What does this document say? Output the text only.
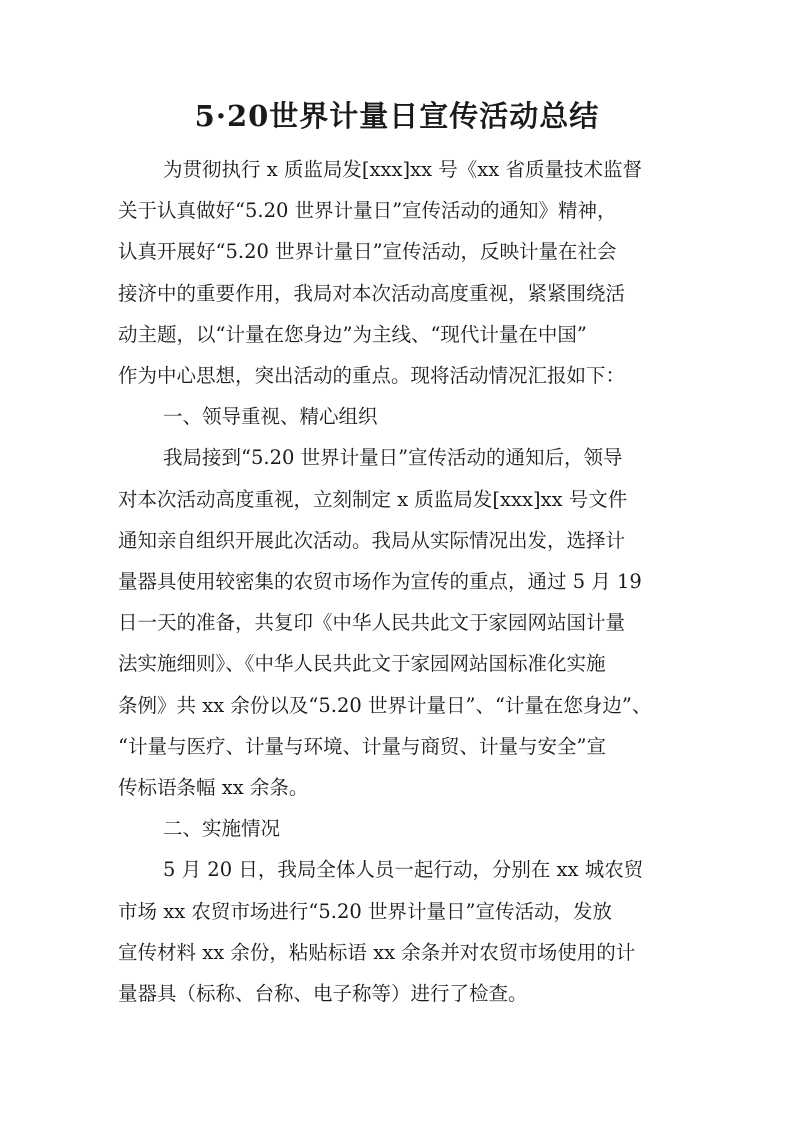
5·20世界计量日宣传活动总结
为贯彻执行 x 质监局发[xxx]xx 号《xx 省质量技术监督
关于认真做好“5.20 世界计量日”宣传活动的通知》精神，
认真开展好“5.20 世界计量日”宣传活动，反映计量在社会
接济中的重要作用，我局对本次活动高度重视，紧紧围绕活
动主题，以“计量在您身边”为主线、“现代计量在中国”
作为中心思想，突出活动的重点。现将活动情况汇报如下：
一、领导重视、精心组织
我局接到“5.20 世界计量日”宣传活动的通知后，领导
对本次活动高度重视，立刻制定 x 质监局发[xxx]xx 号文件
通知亲自组织开展此次活动。我局从实际情况出发，选择计
量器具使用较密集的农贸市场作为宣传的重点，通过 5 月 19
日一天的准备，共复印《中华人民共此文于家园网站国计量
法实施细则》、《中华人民共此文于家园网站国标准化实施
条例》共 xx 余份以及“5.20 世界计量日”、“计量在您身边”、
“计量与医疗、计量与环境、计量与商贸、计量与安全”宣
传标语条幅 xx 余条。
二、实施情况
5 月 20 日，我局全体人员一起行动，分别在 xx 城农贸
市场 xx 农贸市场进行“5.20 世界计量日”宣传活动，发放
宣传材料 xx 余份，粘贴标语 xx 余条并对农贸市场使用的计
量器具（标称、台称、电子称等）进行了检查。
